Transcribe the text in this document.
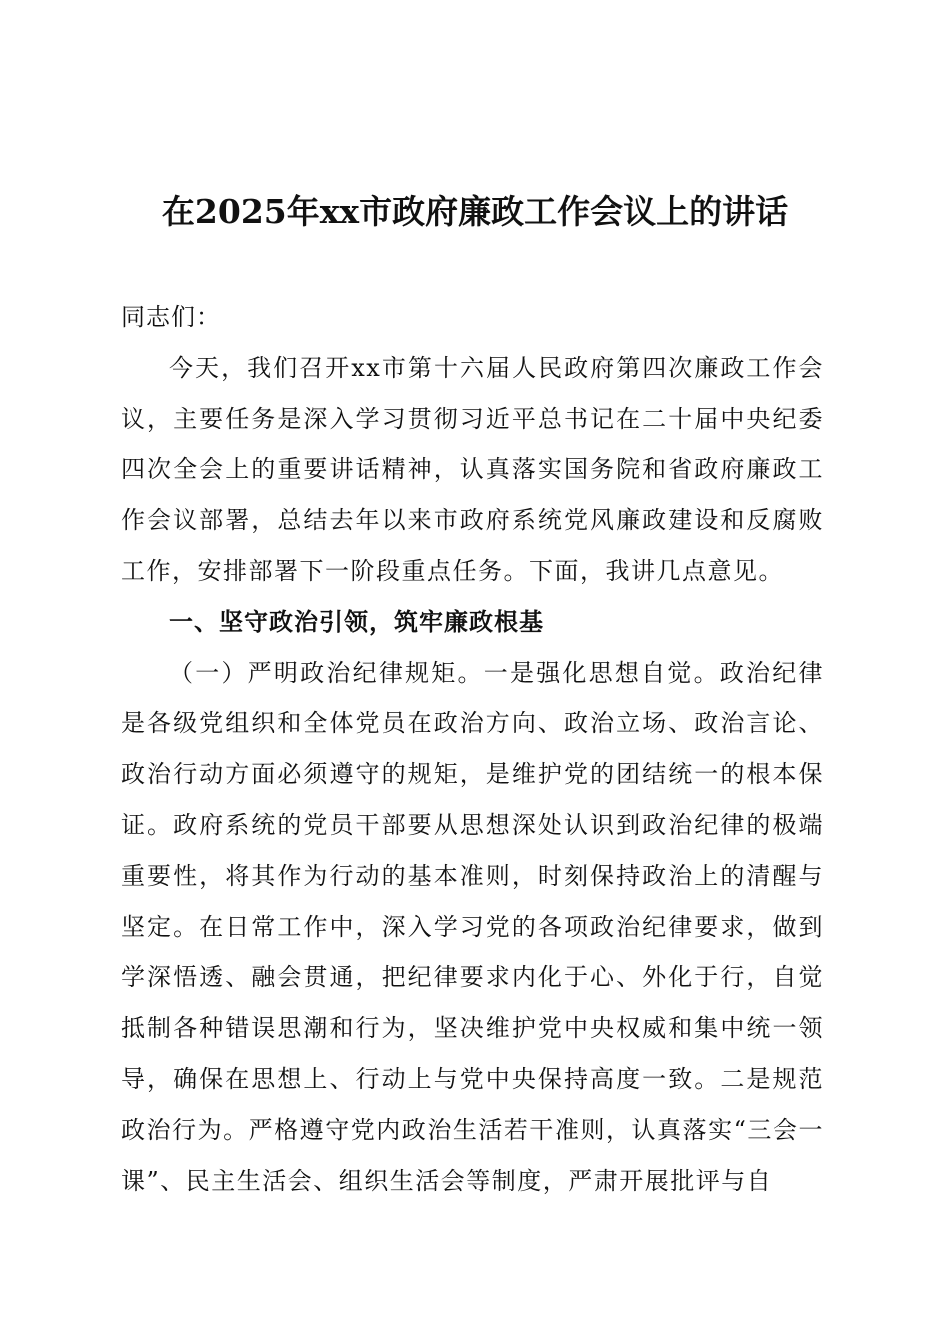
在2025年xx市政府廉政工作会议上的讲话

同志们：

今天，我们召开xx市第十六届人民政府第四次廉政工作会议，主要任务是深入学习贯彻习近平总书记在二十届中央纪委四次全会上的重要讲话精神，认真落实国务院和省政府廉政工作会议部署，总结去年以来市政府系统党风廉政建设和反腐败工作，安排部署下一阶段重点任务。下面，我讲几点意见。

一、坚守政治引领，筑牢廉政根基

（一）严明政治纪律规矩。一是强化思想自觉。政治纪律是各级党组织和全体党员在政治方向、政治立场、政治言论、政治行动方面必须遵守的规矩，是维护党的团结统一的根本保证。政府系统的党员干部要从思想深处认识到政治纪律的极端重要性，将其作为行动的基本准则，时刻保持政治上的清醒与坚定。在日常工作中，深入学习党的各项政治纪律要求，做到学深悟透、融会贯通，把纪律要求内化于心、外化于行，自觉抵制各种错误思潮和行为，坚决维护党中央权威和集中统一领导，确保在思想上、行动上与党中央保持高度一致。二是规范政治行为。严格遵守党内政治生活若干准则，认真落实“三会一课”、民主生活会、组织生活会等制度，严肃开展批评与自
